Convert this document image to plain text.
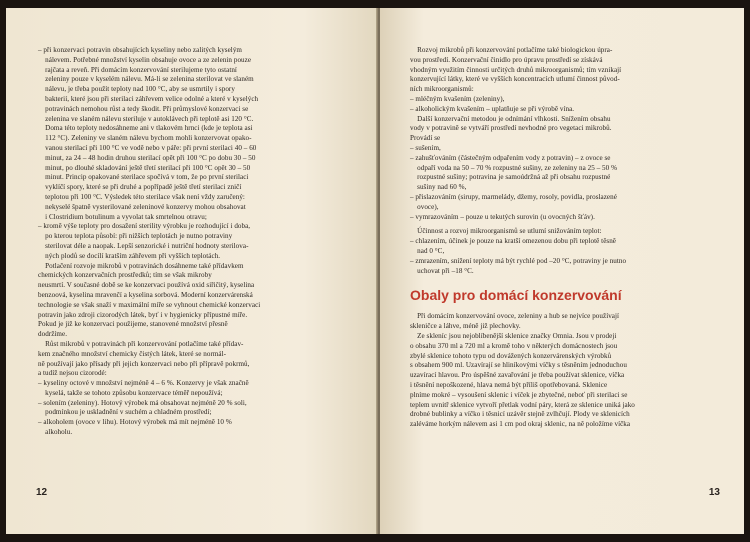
– při konzervaci potravin obsahujících kyseliny nebo zalitých kyselým
 nálevem. Potřebné množství kyselin obsahuje ovoce a ze zelenin pouze
 rajčata a reveň. Při domácím konzervování sterilujeme tyto ostatní
 zeleniny pouze v kyselém nálevu. Má-li se zelenina sterilovat ve slaném
 nálevu, je třeba použít teploty nad 100 °C, aby se usmrtily i spory
 bakterií, které jsou při sterilaci záhřevem velice odolné a které v kyselých
 potravinách nemohou růst a tedy škodit. Při průmyslové konzervaci se
 zelenina ve slaném nálevu steriluje v autoklávech při teplotě asi 120 °C.
 Doma této teploty nedosáhneme ani v tlakovém hrnci (kde je teplota asi
 112 °C). Zeleniny ve slaném nálevu bychom mohli konzervovat opako-
 vanou sterilací při 100 °C ve vodě nebo v páře: při první sterilaci 40 – 60
 minut, za 24 – 48 hodin druhou sterilací opět při 100 °C po dobu 30 – 50
 minut, po dlouhé skladování ještě třetí sterilací při 100 °C opět 30 – 50
 minut. Princip opakované sterilace spočívá v tom, že po první sterilaci
 vyklíčí spory, které se při druhé a popřípadě ještě třetí sterilaci zničí
 teplotou při 100 °C. Výsledek této sterilace však není vždy zaručený:
 nekyselé špatně vysterilované zeleninové konzervy mohou obsahovat
 i Clostridium botulinum a vyvolat tak smrtelnou otravu;
– kromě výše teploty pro dosažení sterility výrobku je rozhodující i doba,
 po kterou teplota působí: při nižších teplotách je nutno potraviny
 sterilovat déle a naopak. Lepší senzorické i nutriční hodnoty sterilova-
 ných plodů se docílí kratším záhřevem při vyšších teplotách.
 Potlačení rozvoje mikrobů v potravinách dosáhneme také přídavkem
chemických konzervačních prostředků; tím se však mikroby
neusmrtí. V současné době se ke konzervaci používá oxid siřičitý, kyselina
benzoová, kyselina mravenčí a kyselina sorbová. Moderní konzervárenská
technologie se však snaží v maximální míře se vyhnout chemické konzervaci
potravin jako zdroji cizorodých látek, byť i v hygienicky přípustné míře.
Pokud je již ke konzervaci použijeme, stanovené množství přesně
dodržíme.
 Růst mikrobů v potravinách při konzervování potlačíme také přídav-
kem značného množství chemicky čistých látek, které se normál-
ně používají jako přísady při jejich konzervaci nebo při přípravě pokrmů,
a tudíž nejsou cizorodé:
– kyseliny octové v množství nejméně 4 – 6 %. Konzervy je však značně
 kyselá, takže se tohoto způsobu konzervace téměř nepoužívá;
– solením (zeleniny). Hotový výrobek má obsahovat nejméně 20 % soli,
 podmínkou je uskladnění v suchém a chladném prostředí;
– alkoholem (ovoce v lihu). Hotový výrobek má mít nejméně 10 %
 alkoholu.
 Rozvoj mikrobů při konzervování potlačíme také biologickou úpra-
vou prostředí. Konzervační činidlo pro úpravu prostředí se získává
vhodným využitím činnosti určitých druhů mikroorganismů; tím vznikají
konzervující látky, které ve vyšších koncentracích utlumí činnost původ-
ních mikroorganismů:
– mléčným kvašením (zeleniny),
– alkoholickým kvašením – uplatňuje se při výrobě vína.
 Další konzervační metodou je odnímání vlhkosti. Snížením obsahu
vody v potravině se vytváří prostředí nevhodné pro vegetaci mikrobů.
Provádí se
– sušením,
– zahušťováním (částečným odpařením vody z potravin) – z ovoce se
 odpaří voda na 50 – 70 % rozpustné sušiny, ze zeleniny na 25 – 50 %
 rozpustné sušiny; potravina je samoúdržná až při obsahu rozpustné
 sušiny nad 60 %,
– přislazováním (sirupy, marmelády, džemy, rosoly, povidla, proslazené
 ovoce),
– vymrazováním – pouze u tekutých surovin (u ovocných šťáv).
 Účinnost a rozvoj mikroorganismů se utlumí snižováním teplot:
– chlazením, účinek je pouze na kratší omezenou dobu při teplotě těsně
 nad 0 °C,
– zmrazením, snížení teploty má být rychlé pod –20 °C, potraviny je nutno
 uchovat při –18 °C.
Obaly pro domácí konzervování
 Při domácím konzervování ovoce, zeleniny a hub se nejvíce používají
skleničce a láhve, méně již plechovky.
 Ze skleníc jsou nejoblíbenější sklenice značky Omnia. Jsou v prodeji
o obsahu 370 ml a 720 ml a kromě toho v některých domácnostech jsou
zbylé sklenice tohoto typu od dovážených konzervárenských výrobků
s obsahem 900 ml. Uzavírají se hliníkovými víčky s těsněním jednoduchou
uzavírací hlavou. Pro úspěšné zavařování je třeba používat sklenice, víčka
i těsnění nepoškozené, hlava nemá být příliš opotřebovaná. Sklenice
plníme mokré – vysoušení sklenic i víček je zbytečné, neboť při sterilaci se
teplem uvnitř sklenice vytvoří přetlak vodní páry, která ze sklenice uniká jako
drobné bublinky a víčko i těsnicí uzávěr stejně zvlhčují. Plody ve sklenicích
zaléváme horkým nálevem asi 1 cm pod okraj sklenic, na ně položíme víčka
12	13
